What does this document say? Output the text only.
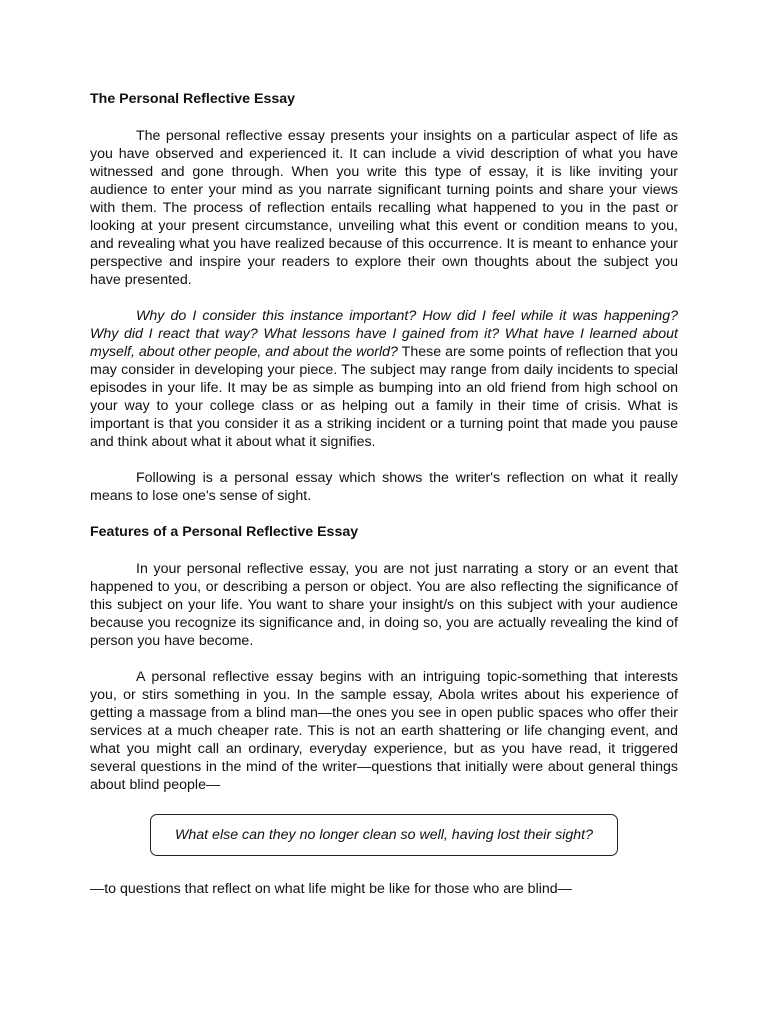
The Personal Reflective Essay

The personal reflective essay presents your insights on a particular aspect of life as you have observed and experienced it. It can include a vivid description of what you have witnessed and gone through. When you write this type of essay, it is like inviting your audience to enter your mind as you narrate significant turning points and share your views with them. The process of reflection entails recalling what happened to you in the past or looking at your present circumstance, unveiling what this event or condition means to you, and revealing what you have realized because of this occurrence. It is meant to enhance your perspective and inspire your readers to explore their own thoughts about the subject you have presented.

Why do I consider this instance important? How did I feel while it was happening? Why did I react that way? What lessons have I gained from it? What have I learned about myself, about other people, and about the world? These are some points of reflection that you may consider in developing your piece. The subject may range from daily incidents to special episodes in your life. It may be as simple as bumping into an old friend from high school on your way to your college class or as helping out a family in their time of crisis. What is important is that you consider it as a striking incident or a turning point that made you pause and think about what it about what it signifies.

Following is a personal essay which shows the writer's reflection on what it really means to lose one's sense of sight.

Features of a Personal Reflective Essay

In your personal reflective essay, you are not just narrating a story or an event that happened to you, or describing a person or object. You are also reflecting the significance of this subject on your life. You want to share your insight/s on this subject with your audience because you recognize its significance and, in doing so, you are actually revealing the kind of person you have become.

A personal reflective essay begins with an intriguing topic-something that interests you, or stirs something in you. In the sample essay, Abola writes about his experience of getting a massage from a blind man—the ones you see in open public spaces who offer their services at a much cheaper rate. This is not an earth shattering or life changing event, and what you might call an ordinary, everyday experience, but as you have read, it triggered several questions in the mind of the writer—questions that initially were about general things about blind people—

What else can they no longer clean so well, having lost their sight?

—to questions that reflect on what life might be like for those who are blind—
